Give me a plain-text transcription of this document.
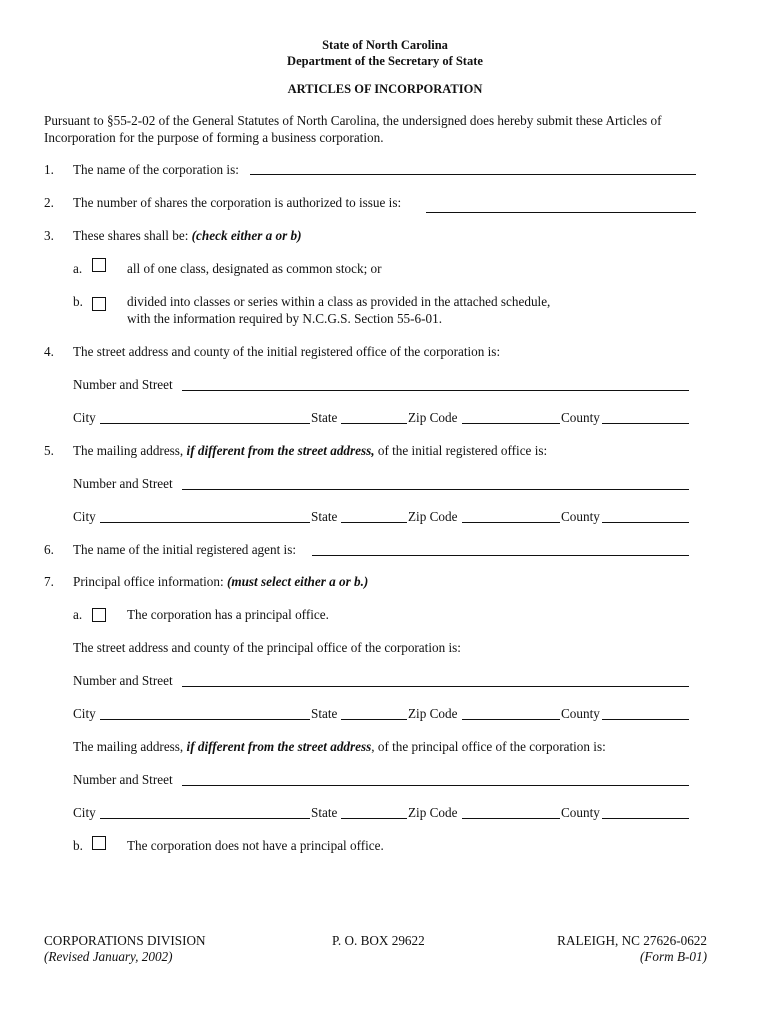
State of North Carolina
Department of the Secretary of State
ARTICLES OF INCORPORATION
Pursuant to §55-2-02 of the General Statutes of North Carolina, the undersigned does hereby submit these Articles of Incorporation for the purpose of forming a business corporation.
1. The name of the corporation is:
2. The number of shares the corporation is authorized to issue is:
3. These shares shall be: (check either a or b)
a.	all of one class, designated as common stock; or
b.	divided into classes or series within a class as provided in the attached schedule,
with the information required by N.C.G.S. Section 55-6-01.
4. The street address and county of the initial registered office of the corporation is:
Number and Street
City	State	Zip Code	County
5. The mailing address, if different from the street address, of the initial registered office is:
Number and Street
City	State	Zip Code	County
6. The name of the initial registered agent is:
7. Principal office information: (must select either a or b.)
a.	The corporation has a principal office.
The street address and county of the principal office of the corporation is:
Number and Street
City	State	Zip Code	County
The mailing address, if different from the street address, of the principal office of the corporation is:
Number and Street
City	State	Zip Code	County
b.	The corporation does not have a principal office.
CORPORATIONS DIVISION
(Revised January, 2002)
P. O. BOX 29622	RALEIGH, NC 27626-0622
(Form B-01)
